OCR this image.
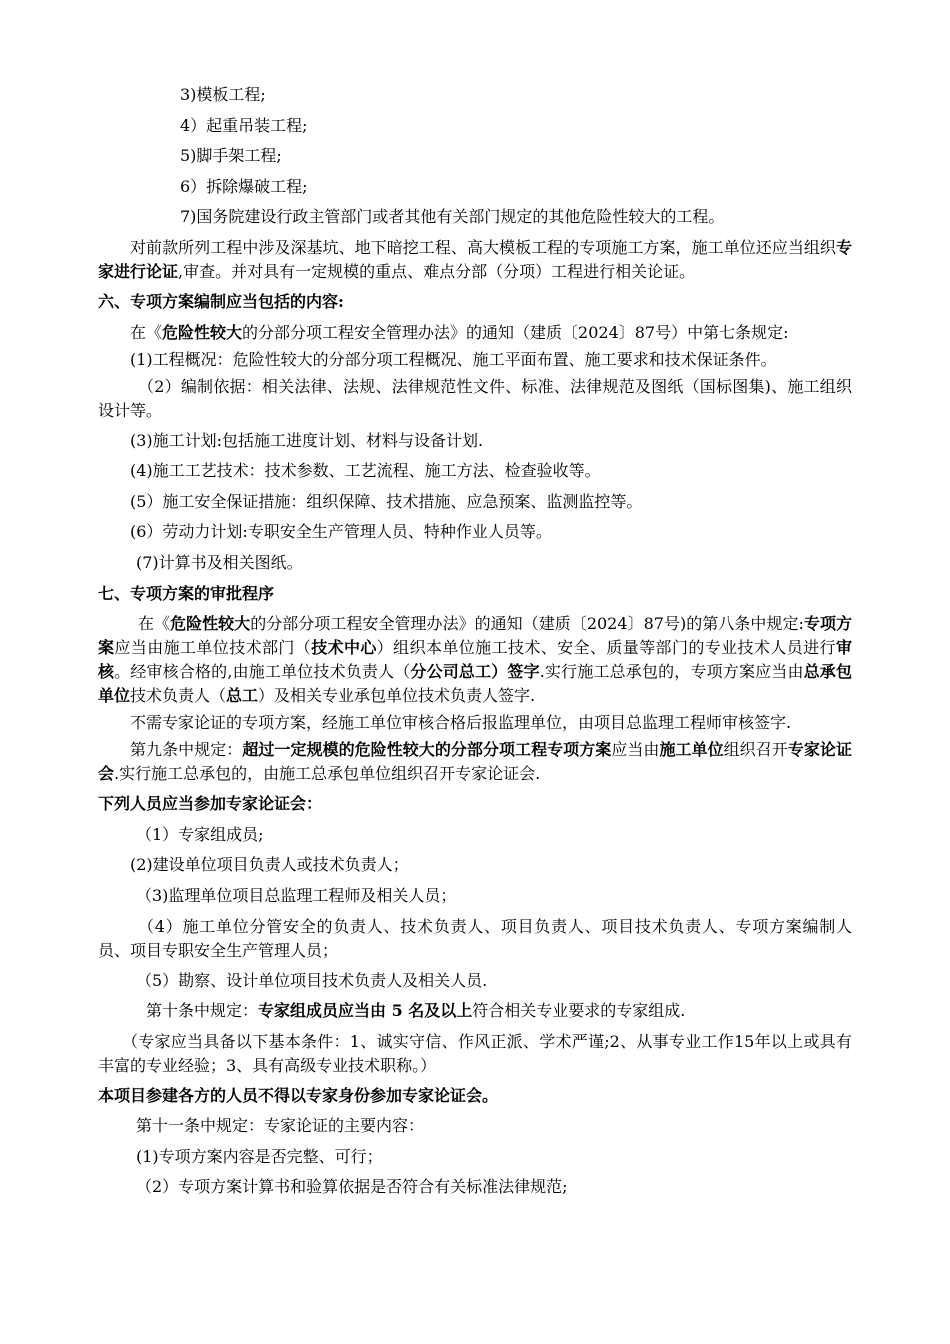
3)模板工程;
4）起重吊装工程;
5)脚手架工程;
6）拆除爆破工程;
7)国务院建设行政主管部门或者其他有关部门规定的其他危险性较大的工程。
对前款所列工程中涉及深基坑、地下暗挖工程、高大模板工程的专项施工方案，施工单位还应当组织专家进行论证,审查。并对具有一定规模的重点、难点分部（分项）工程进行相关论证。
六、专项方案编制应当包括的内容:
在《危险性较大的分部分项工程安全管理办法》的通知（建质〔2024〕87号）中第七条规定:
(1)工程概况：危险性较大的分部分项工程概况、施工平面布置、施工要求和技术保证条件。
（2）编制依据：相关法律、法规、法律规范性文件、标准、法律规范及图纸（国标图集)、施工组织设计等。
(3)施工计划:包括施工进度计划、材料与设备计划.
(4)施工工艺技术：技术参数、工艺流程、施工方法、检查验收等。
(5）施工安全保证措施：组织保障、技术措施、应急预案、监测监控等。
(6）劳动力计划:专职安全生产管理人员、特种作业人员等。
(7)计算书及相关图纸。
七、专项方案的审批程序
在《危险性较大的分部分项工程安全管理办法》的通知（建质〔2024〕87号)的第八条中规定:专项方案应当由施工单位技术部门（技术中心）组织本单位施工技术、安全、质量等部门的专业技术人员进行审核。经审核合格的,由施工单位技术负责人（分公司总工）签字.实行施工总承包的，专项方案应当由总承包单位技术负责人（总工）及相关专业承包单位技术负责人签字.
不需专家论证的专项方案，经施工单位审核合格后报监理单位，由项目总监理工程师审核签字.
第九条中规定：超过一定规模的危险性较大的分部分项工程专项方案应当由施工单位组织召开专家论证会.实行施工总承包的，由施工总承包单位组织召开专家论证会.
下列人员应当参加专家论证会：
（1）专家组成员;
(2)建设单位项目负责人或技术负责人；
（3)监理单位项目总监理工程师及相关人员；
（4）施工单位分管安全的负责人、技术负责人、项目负责人、项目技术负责人、专项方案编制人员、项目专职安全生产管理人员；
（5）勘察、设计单位项目技术负责人及相关人员.
第十条中规定：专家组成员应当由 5 名及以上符合相关专业要求的专家组成.
（专家应当具备以下基本条件：1、诚实守信、作风正派、学术严谨;2、从事专业工作15年以上或具有丰富的专业经验；3、具有高级专业技术职称。）
本项目参建各方的人员不得以专家身份参加专家论证会。
第十一条中规定：专家论证的主要内容：
(1)专项方案内容是否完整、可行；
（2）专项方案计算书和验算依据是否符合有关标准法律规范;
